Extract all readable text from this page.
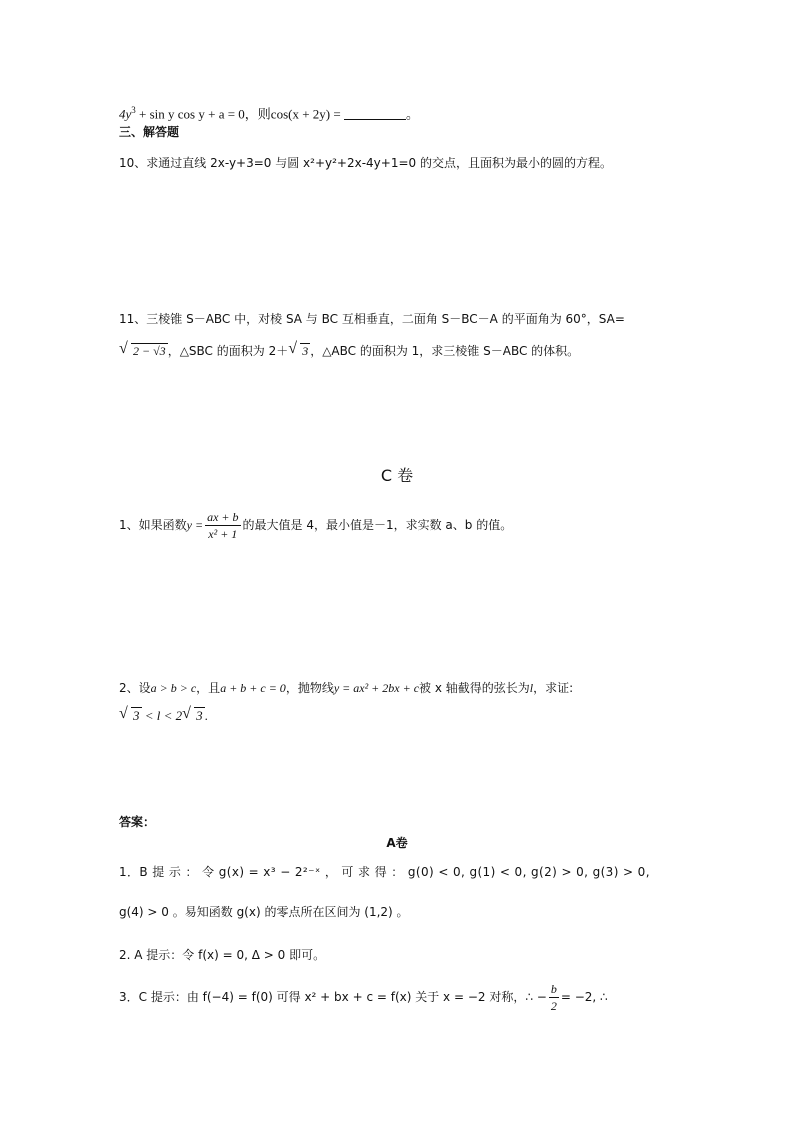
$4y^3 + \sin y$ cos y + a = 0，则cos(x + 2y) =	。
三、解答题
10、求通过直线 2x-y+3=0 与圆 x²+y²+2x-4y+1=0 的交点，且面积为最小的圆的方程。
11、三棱锥 S－ABC 中，对棱 SA 与 BC 互相垂直，二面角 S－BC－A 的平面角为 60°，SA=
√ 2 − √3 ，△SBC 的面积为 2＋ √ 3 ，△ABC 的面积为 1，求三棱锥 S－ABC 的体积。
C 卷
1、如果函数$y = \frac{ax + b}{\text{x² + 1}}$ 的最大值是 4，最小值是－1，求实数 a、b 的值。
2、设a > b > c，且a + b + c = 0，抛物线y = ax² + 2bx + c被 x 轴截得的弦长为l，求证:
√ 3 < l < 2 √ 3 .
答案：
A卷
1．B 提 示 ： 令 g(x) = x³ − 2²⁻ˣ ， 可 求 得 ： g(0) < 0, g(1) < 0, g(2) > 0, g(3) > 0,
g(4) > 0 。易知函数 g(x) 的零点所在区间为 (1,2) 。
2. A 提示：令 f(x) = 0, Δ > 0 即可。
3．C 提示：由 f(−4) = f(0) 可得 x² + bx + c = f(x) 关于 x = −2 对称，∴ − $\frac{b}{2} = -2$, ∴
